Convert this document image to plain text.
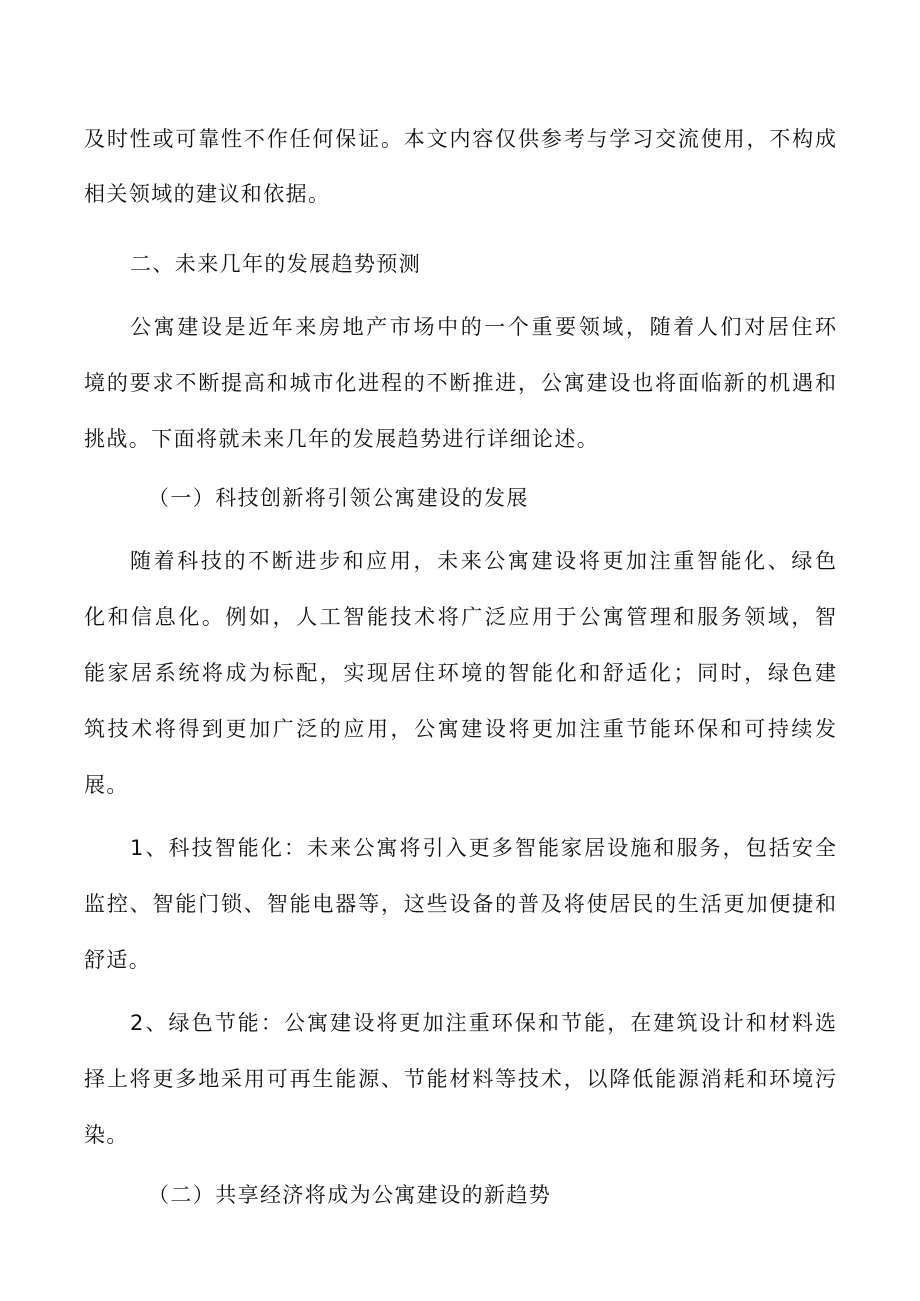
及时性或可靠性不作任何保证。本文内容仅供参考与学习交流使用，不构成
相关领域的建议和依据。
二、未来几年的发展趋势预测
公寓建设是近年来房地产市场中的一个重要领域，随着人们对居住环
境的要求不断提高和城市化进程的不断推进，公寓建设也将面临新的机遇和
挑战。下面将就未来几年的发展趋势进行详细论述。
（一）科技创新将引领公寓建设的发展
随着科技的不断进步和应用，未来公寓建设将更加注重智能化、绿色
化和信息化。例如，人工智能技术将广泛应用于公寓管理和服务领域，智
能家居系统将成为标配，实现居住环境的智能化和舒适化；同时，绿色建
筑技术将得到更加广泛的应用，公寓建设将更加注重节能环保和可持续发
展。
1、科技智能化：未来公寓将引入更多智能家居设施和服务，包括安全
监控、智能门锁、智能电器等，这些设备的普及将使居民的生活更加便捷和
舒适。
2、绿色节能：公寓建设将更加注重环保和节能，在建筑设计和材料选
择上将更多地采用可再生能源、节能材料等技术，以降低能源消耗和环境污
染。
（二）共享经济将成为公寓建设的新趋势
